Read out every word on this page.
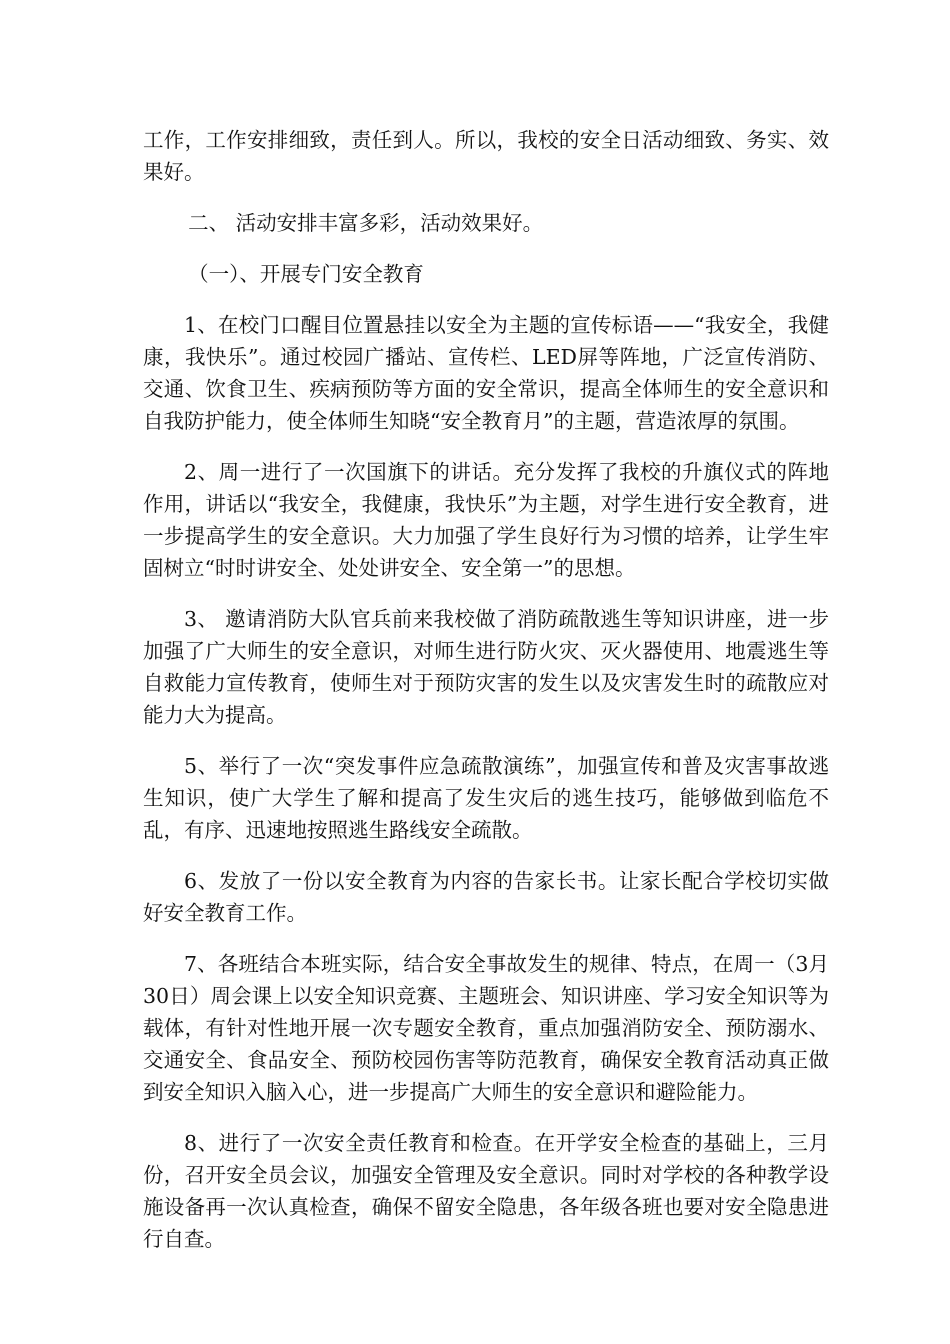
工作，工作安排细致，责任到人。所以，我校的安全日活动细致、务实、效果好。

二、 活动安排丰富多彩，活动效果好。

（一）、开展专门安全教育

1、在校门口醒目位置悬挂以安全为主题的宣传标语——“我安全，我健康，我快乐”。通过校园广播站、宣传栏、LED屏等阵地，广泛宣传消防、交通、饮食卫生、疾病预防等方面的安全常识，提高全体师生的安全意识和自我防护能力，使全体师生知晓“安全教育月”的主题，营造浓厚的氛围。

2、周一进行了一次国旗下的讲话。充分发挥了我校的升旗仪式的阵地作用，讲话以“我安全，我健康，我快乐”为主题，对学生进行安全教育，进一步提高学生的安全意识。大力加强了学生良好行为习惯的培养，让学生牢固树立“时时讲安全、处处讲安全、安全第一”的思想。

3、 邀请消防大队官兵前来我校做了消防疏散逃生等知识讲座，进一步加强了广大师生的安全意识，对师生进行防火灾、灭火器使用、地震逃生等自救能力宣传教育，使师生对于预防灾害的发生以及灾害发生时的疏散应对能力大为提高。

5、举行了一次“突发事件应急疏散演练”，加强宣传和普及灾害事故逃生知识，使广大学生了解和提高了发生灾后的逃生技巧，能够做到临危不乱，有序、迅速地按照逃生路线安全疏散。

6、发放了一份以安全教育为内容的告家长书。让家长配合学校切实做好安全教育工作。

7、各班结合本班实际，结合安全事故发生的规律、特点，在周一（3月30日）周会课上以安全知识竞赛、主题班会、知识讲座、学习安全知识等为载体，有针对性地开展一次专题安全教育，重点加强消防安全、预防溺水、交通安全、食品安全、预防校园伤害等防范教育，确保安全教育活动真正做到安全知识入脑入心，进一步提高广大师生的安全意识和避险能力。

8、进行了一次安全责任教育和检查。在开学安全检查的基础上，三月份，召开安全员会议，加强安全管理及安全意识。同时对学校的各种教学设施设备再一次认真检查，确保不留安全隐患，各年级各班也要对安全隐患进行自查。
